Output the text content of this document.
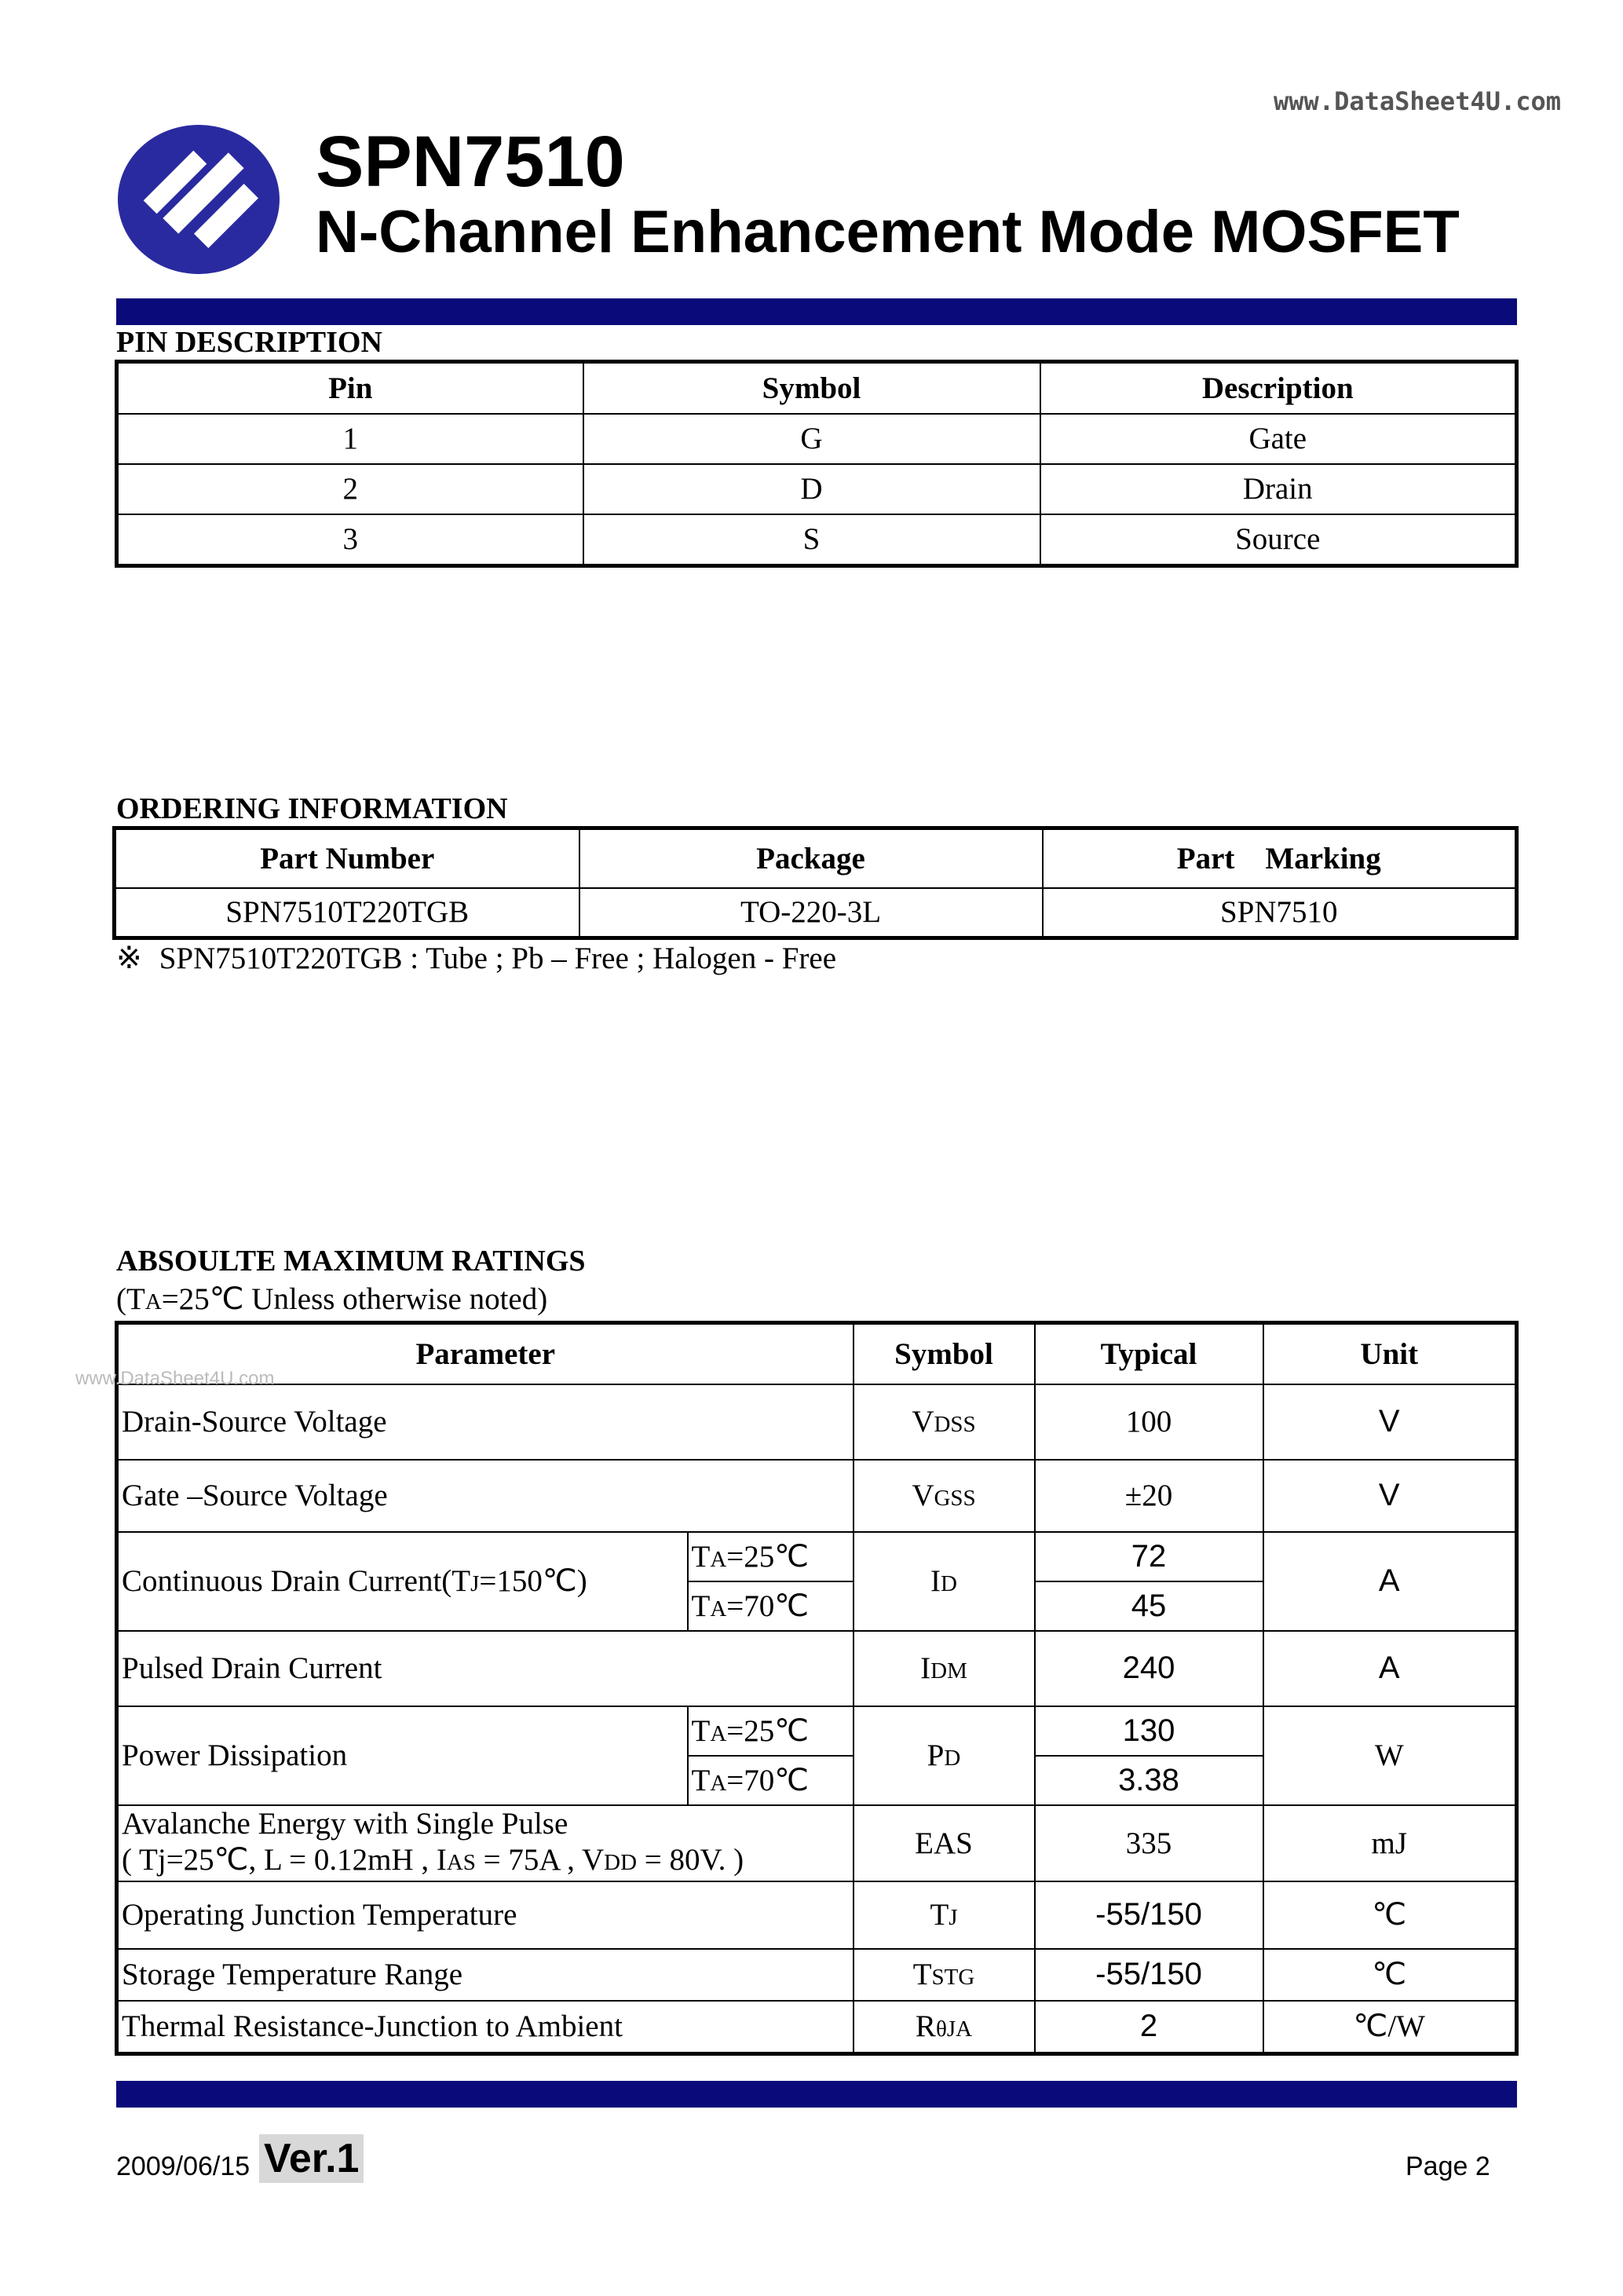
www.DataSheet4U.com
SPN7510
N-Channel Enhancement Mode MOSFET
PIN DESCRIPTION
Pin	Symbol	Description
1	G	Gate
2	D	Drain
3	S	Source
ORDERING INFORMATION
Part Number	Package	Part    Marking
SPN7510T220TGB	TO-220-3L	SPN7510
※ SPN7510T220TGB : Tube ; Pb – Free ; Halogen - Free
ABSOULTE MAXIMUM RATINGS
(TA=25℃ Unless otherwise noted)
www.DataSheet4U.com
Parameter		Symbol	Typical	Unit
Drain-Source Voltage		VDSS	100	V
Gate –Source Voltage		VGSS	±20	V
Continuous Drain Current(TJ=150℃)	TA=25℃	ID	72	A
	TA=70℃		45	
Pulsed Drain Current		IDM	240	A
Power Dissipation	TA=25℃	PD	130	W
	TA=70℃		3.38	

Avalanche Energy with Single Pulse
( Tj=25℃, L = 0.12mH , IAS = 75A , VDD = 80V. )		EAS	335	mJ
Operating Junction Temperature		TJ	-55/150	℃
Storage Temperature Range		TSTG	-55/150	℃
Thermal Resistance-Junction to Ambient		RθJA	2	℃/W
2009/06/15 Ver.1	Page 2
